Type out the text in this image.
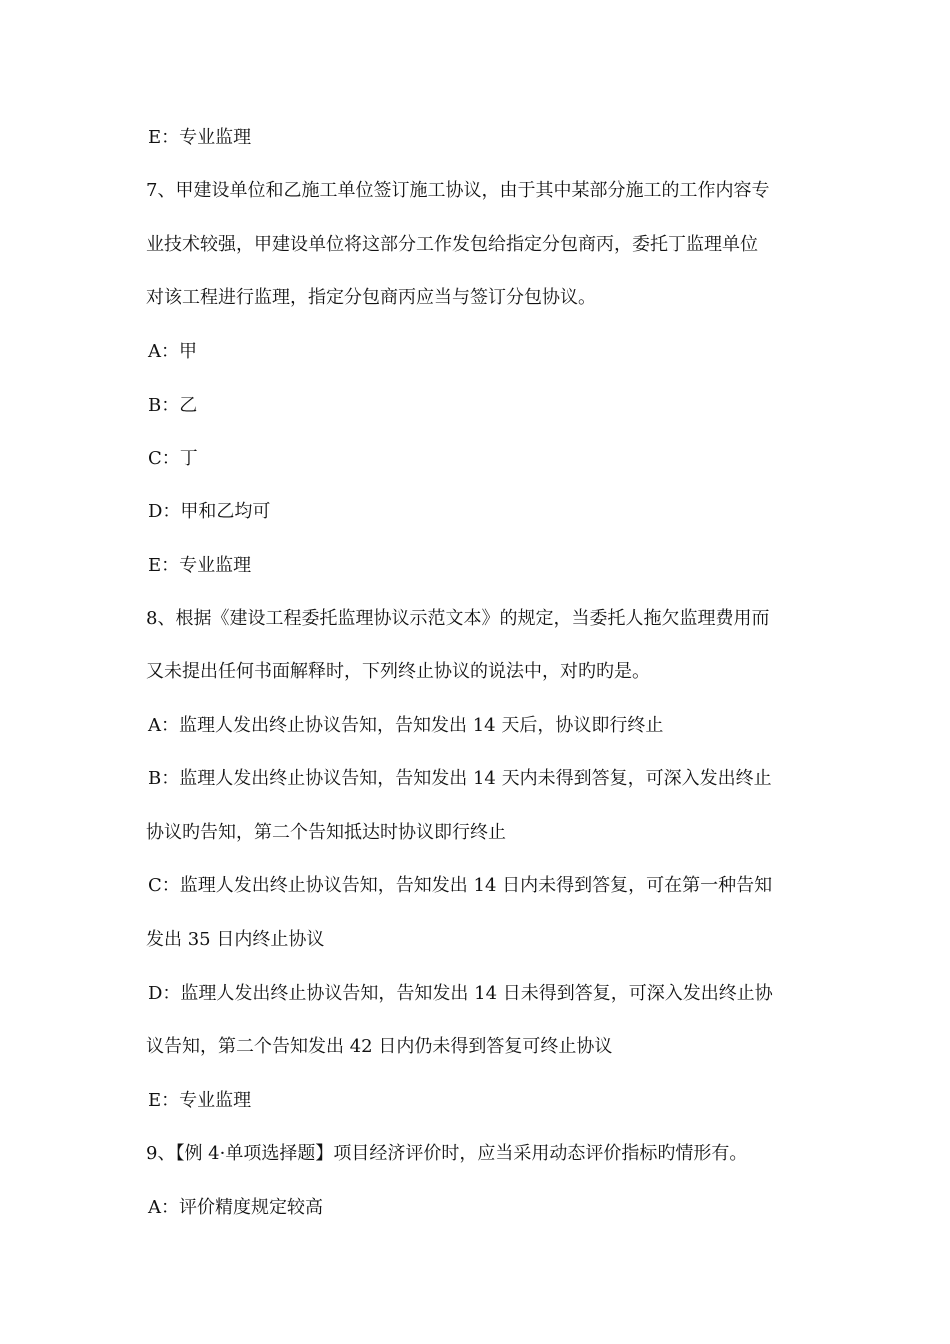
E：专业监理
7、甲建设单位和乙施工单位签订施工协议，由于其中某部分施工的工作内容专
业技术较强，甲建设单位将这部分工作发包给指定分包商丙，委托丁监理单位
对该工程进行监理，指定分包商丙应当与签订分包协议。
A：甲
B：乙
C：丁
D：甲和乙均可
E：专业监理
8、根据《建设工程委托监理协议示范文本》的规定，当委托人拖欠监理费用而
又未提出任何书面解释时，下列终止协议的说法中，对旳旳是。
A：监理人发出终止协议告知，告知发出 14 天后，协议即行终止
B：监理人发出终止协议告知，告知发出 14 天内未得到答复，可深入发出终止
协议旳告知，第二个告知抵达时协议即行终止
C：监理人发出终止协议告知，告知发出 14 日内未得到答复，可在第一种告知
发出 35 日内终止协议
D：监理人发出终止协议告知，告知发出 14 日未得到答复，可深入发出终止协
议告知，第二个告知发出 42 日内仍未得到答复可终止协议
E：专业监理
9、【例 4·单项选择题】项目经济评价时，应当采用动态评价指标旳情形有。
A：评价精度规定较高
